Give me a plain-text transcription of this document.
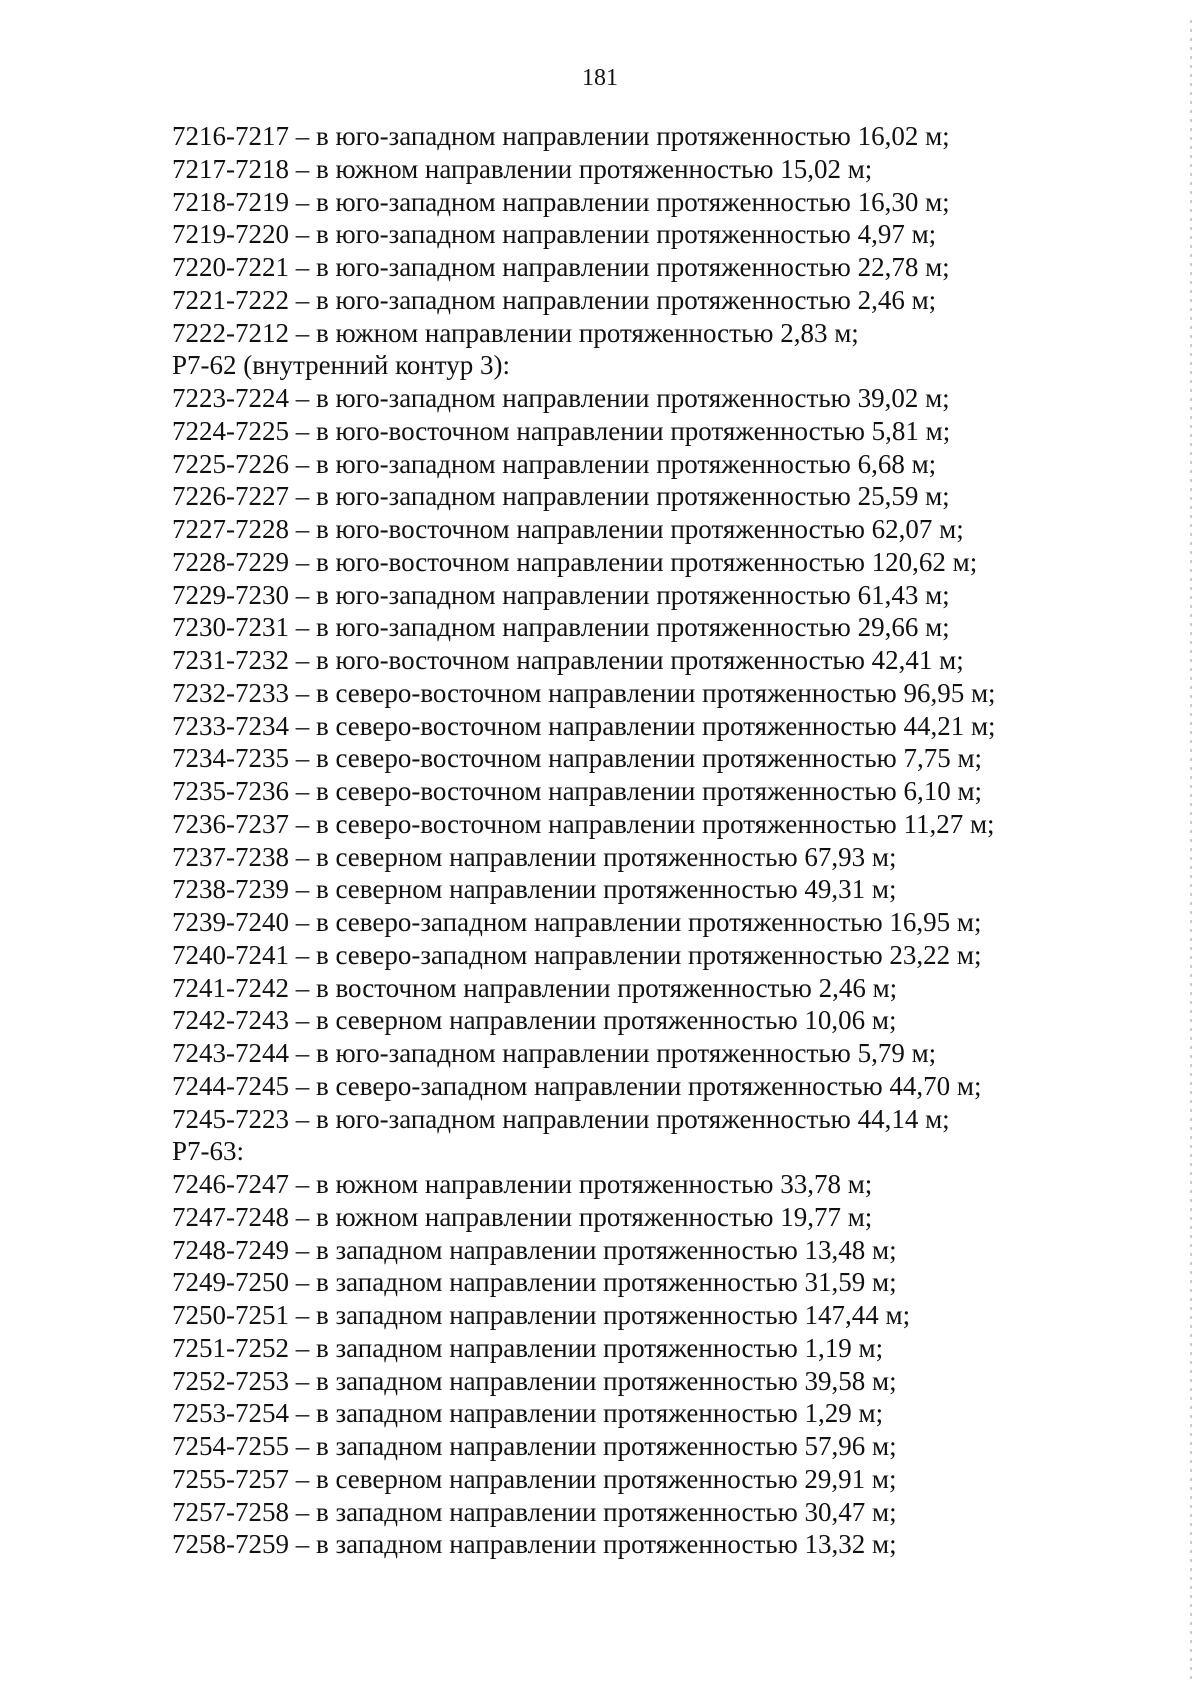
181
7216-7217 – в юго-западном направлении протяженностью 16,02 м;
7217-7218 – в южном направлении протяженностью 15,02 м;
7218-7219 – в юго-западном направлении протяженностью 16,30 м;
7219-7220 – в юго-западном направлении протяженностью 4,97 м;
7220-7221 – в юго-западном направлении протяженностью 22,78 м;
7221-7222 – в юго-западном направлении протяженностью 2,46 м;
7222-7212 – в южном направлении протяженностью 2,83 м;
Р7-62 (внутренний контур 3):
7223-7224 – в юго-западном направлении протяженностью 39,02 м;
7224-7225 – в юго-восточном направлении протяженностью 5,81 м;
7225-7226 – в юго-западном направлении протяженностью 6,68 м;
7226-7227 – в юго-западном направлении протяженностью 25,59 м;
7227-7228 – в юго-восточном направлении протяженностью 62,07 м;
7228-7229 – в юго-восточном направлении протяженностью 120,62 м;
7229-7230 – в юго-западном направлении протяженностью 61,43 м;
7230-7231 – в юго-западном направлении протяженностью 29,66 м;
7231-7232 – в юго-восточном направлении протяженностью 42,41 м;
7232-7233 – в северо-восточном направлении протяженностью 96,95 м;
7233-7234 – в северо-восточном направлении протяженностью 44,21 м;
7234-7235 – в северо-восточном направлении протяженностью 7,75 м;
7235-7236 – в северо-восточном направлении протяженностью 6,10 м;
7236-7237 – в северо-восточном направлении протяженностью 11,27 м;
7237-7238 – в северном направлении протяженностью 67,93 м;
7238-7239 – в северном направлении протяженностью 49,31 м;
7239-7240 – в северо-западном направлении протяженностью 16,95 м;
7240-7241 – в северо-западном направлении протяженностью 23,22 м;
7241-7242 – в восточном направлении протяженностью 2,46 м;
7242-7243 – в северном направлении протяженностью 10,06 м;
7243-7244 – в юго-западном направлении протяженностью 5,79 м;
7244-7245 – в северо-западном направлении протяженностью 44,70 м;
7245-7223 – в юго-западном направлении протяженностью 44,14 м;
Р7-63:
7246-7247 – в южном направлении протяженностью 33,78 м;
7247-7248 – в южном направлении протяженностью 19,77 м;
7248-7249 – в западном направлении протяженностью 13,48 м;
7249-7250 – в западном направлении протяженностью 31,59 м;
7250-7251 – в западном направлении протяженностью 147,44 м;
7251-7252 – в западном направлении протяженностью 1,19 м;
7252-7253 – в западном направлении протяженностью 39,58 м;
7253-7254 – в западном направлении протяженностью 1,29 м;
7254-7255 – в западном направлении протяженностью 57,96 м;
7255-7257 – в северном направлении протяженностью 29,91 м;
7257-7258 – в западном направлении протяженностью 30,47 м;
7258-7259 – в западном направлении протяженностью 13,32 м;
